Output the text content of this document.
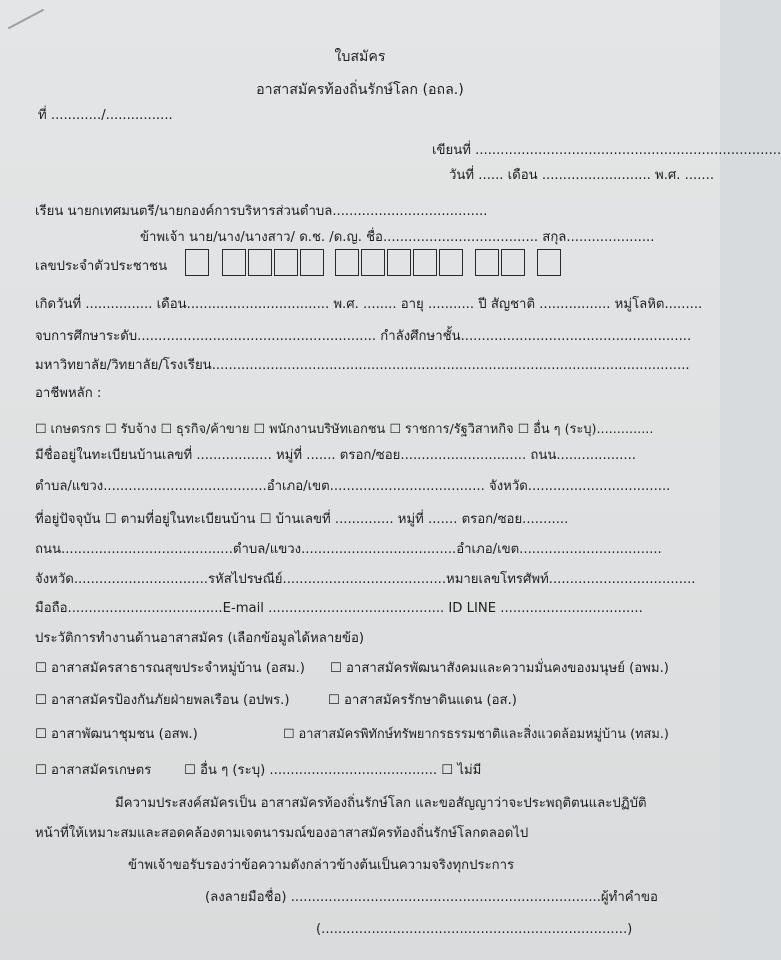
ใบสมัคร
อาสาสมัครท้องถิ่นรักษ์โลก (อถล.)
ที่ ............/................
เขียนที่ .........................................................................
วันที่ ...... เดือน .......................... พ.ศ. .......
เรียน นายกเทศมนตรี/นายกองค์การบริหารส่วนตำบล.....................................
ข้าพเจ้า นาย/นาง/นางสาว/ ด.ช. /ด.ญ. ชื่อ..................................... สกุล.....................
เลขประจำตัวประชาชน
เกิดวันที่ ................ เดือน.................................. พ.ศ. ........ อายุ ........... ปี สัญชาติ ................. หมู่โลหิต.........
จบการศึกษาระดับ......................................................... กำลังศึกษาชั้น.......................................................
มหาวิทยาลัย/วิทยาลัย/โรงเรียน..................................................................................................................
อาชีพหลัก :
☐ เกษตรกร ☐ รับจ้าง ☐ ธุรกิจ/ค้าขาย ☐ พนักงานบริษัทเอกชน ☐ ราชการ/รัฐวิสาหกิจ ☐ อื่น ๆ (ระบุ)..............
มีชื่ออยู่ในทะเบียนบ้านเลขที่ .................. หมู่ที่ ....... ตรอก/ซอย.............................. ถนน...................
ตำบล/แขวง.......................................อำเภอ/เขต..................................... จังหวัด..................................
ที่อยู่ปัจจุบัน ☐ ตามที่อยู่ในทะเบียนบ้าน ☐ บ้านเลขที่ .............. หมู่ที่ ....... ตรอก/ซอย...........
ถนน.........................................ตำบล/แขวง.....................................อำเภอ/เขต..................................
จังหวัด................................รหัสไปรษณีย์.......................................หมายเลขโทรศัพท์...................................
มือถือ.....................................E-mail .......................................... ID LINE ..................................
ประวัติการทำงานด้านอาสาสมัคร (เลือกข้อมูลได้หลายข้อ)
☐ อาสาสมัครสาธารณสุขประจำหมู่บ้าน (อสม.) ☐ อาสาสมัครพัฒนาสังคมและความมั่นคงของมนุษย์ (อพม.)
☐ อาสาสมัครป้องกันภัยฝ่ายพลเรือน (อปพร.)	☐ อาสาสมัครรักษาดินแดน (อส.)
☐ อาสาพัฒนาชุมชน (อสพ.)	☐ อาสาสมัครพิทักษ์ทรัพยากรธรรมชาติและสิ่งแวดล้อมหมู่บ้าน (ทสม.)
☐ อาสาสมัครเกษตร ☐ อื่น ๆ (ระบุ) ........................................ ☐ ไม่มี
มีความประสงค์สมัครเป็น อาสาสมัครท้องถิ่นรักษ์โลก และขอสัญญาว่าจะประพฤติตนและปฏิบัติ
หน้าที่ให้เหมาะสมและสอดคล้องตามเจตนารมณ์ของอาสาสมัครท้องถิ่นรักษ์โลกตลอดไป
ข้าพเจ้าขอรับรองว่าข้อความดังกล่าวข้างต้นเป็นความจริงทุกประการ
(ลงลายมือชื่อ) ..........................................................................ผู้ทำคำขอ
(.........................................................................)
